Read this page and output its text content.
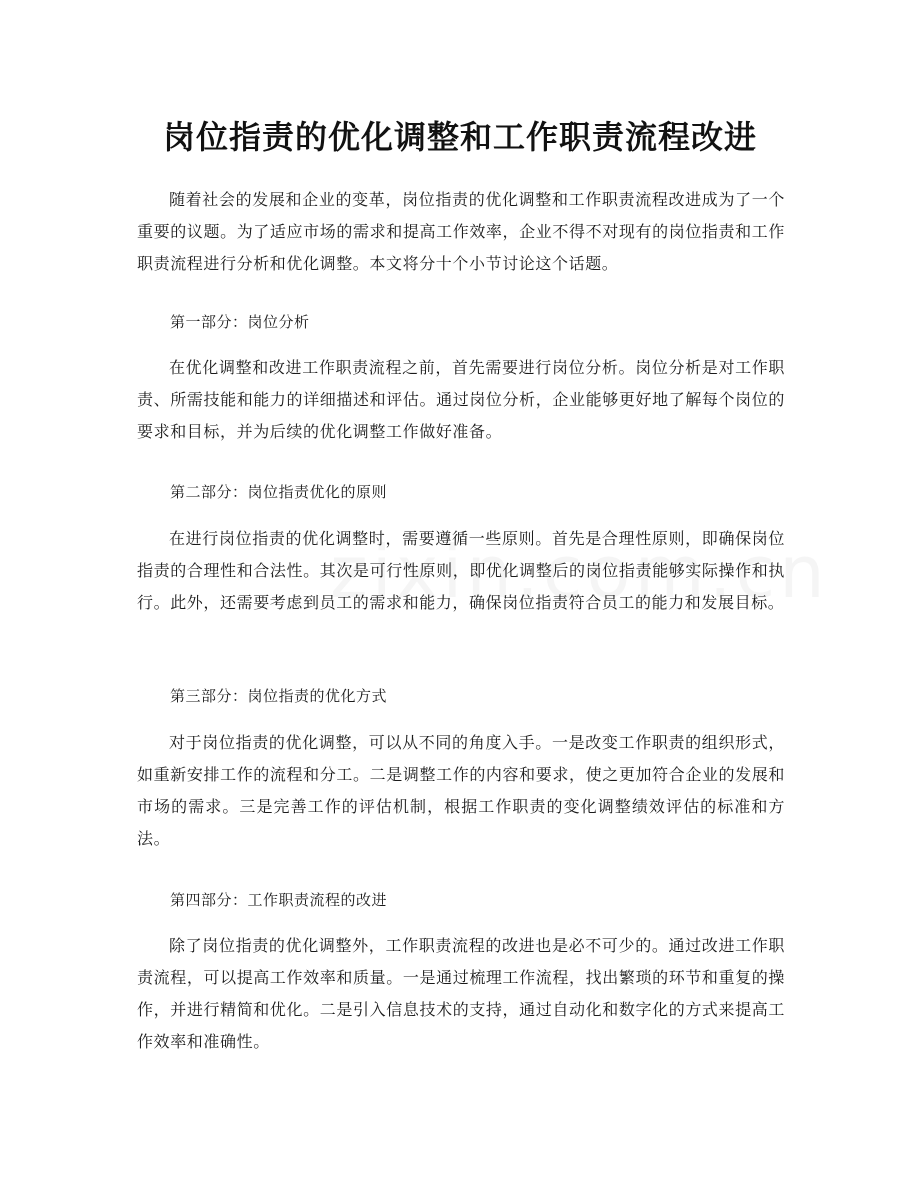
岗位指责的优化调整和工作职责流程改进

随着社会的发展和企业的变革，岗位指责的优化调整和工作职责流程改进成为了一个重要的议题。为了适应市场的需求和提高工作效率，企业不得不对现有的岗位指责和工作职责流程进行分析和优化调整。本文将分十个小节讨论这个话题。

第一部分：岗位分析

在优化调整和改进工作职责流程之前，首先需要进行岗位分析。岗位分析是对工作职责、所需技能和能力的详细描述和评估。通过岗位分析，企业能够更好地了解每个岗位的要求和目标，并为后续的优化调整工作做好准备。

第二部分：岗位指责优化的原则

在进行岗位指责的优化调整时，需要遵循一些原则。首先是合理性原则，即确保岗位指责的合理性和合法性。其次是可行性原则，即优化调整后的岗位指责能够实际操作和执行。此外，还需要考虑到员工的需求和能力，确保岗位指责符合员工的能力和发展目标。

第三部分：岗位指责的优化方式

对于岗位指责的优化调整，可以从不同的角度入手。一是改变工作职责的组织形式，如重新安排工作的流程和分工。二是调整工作的内容和要求，使之更加符合企业的发展和市场的需求。三是完善工作的评估机制，根据工作职责的变化调整绩效评估的标准和方法。

第四部分：工作职责流程的改进

除了岗位指责的优化调整外，工作职责流程的改进也是必不可少的。通过改进工作职责流程，可以提高工作效率和质量。一是通过梳理工作流程，找出繁琐的环节和重复的操作，并进行精简和优化。二是引入信息技术的支持，通过自动化和数字化的方式来提高工作效率和准确性。
